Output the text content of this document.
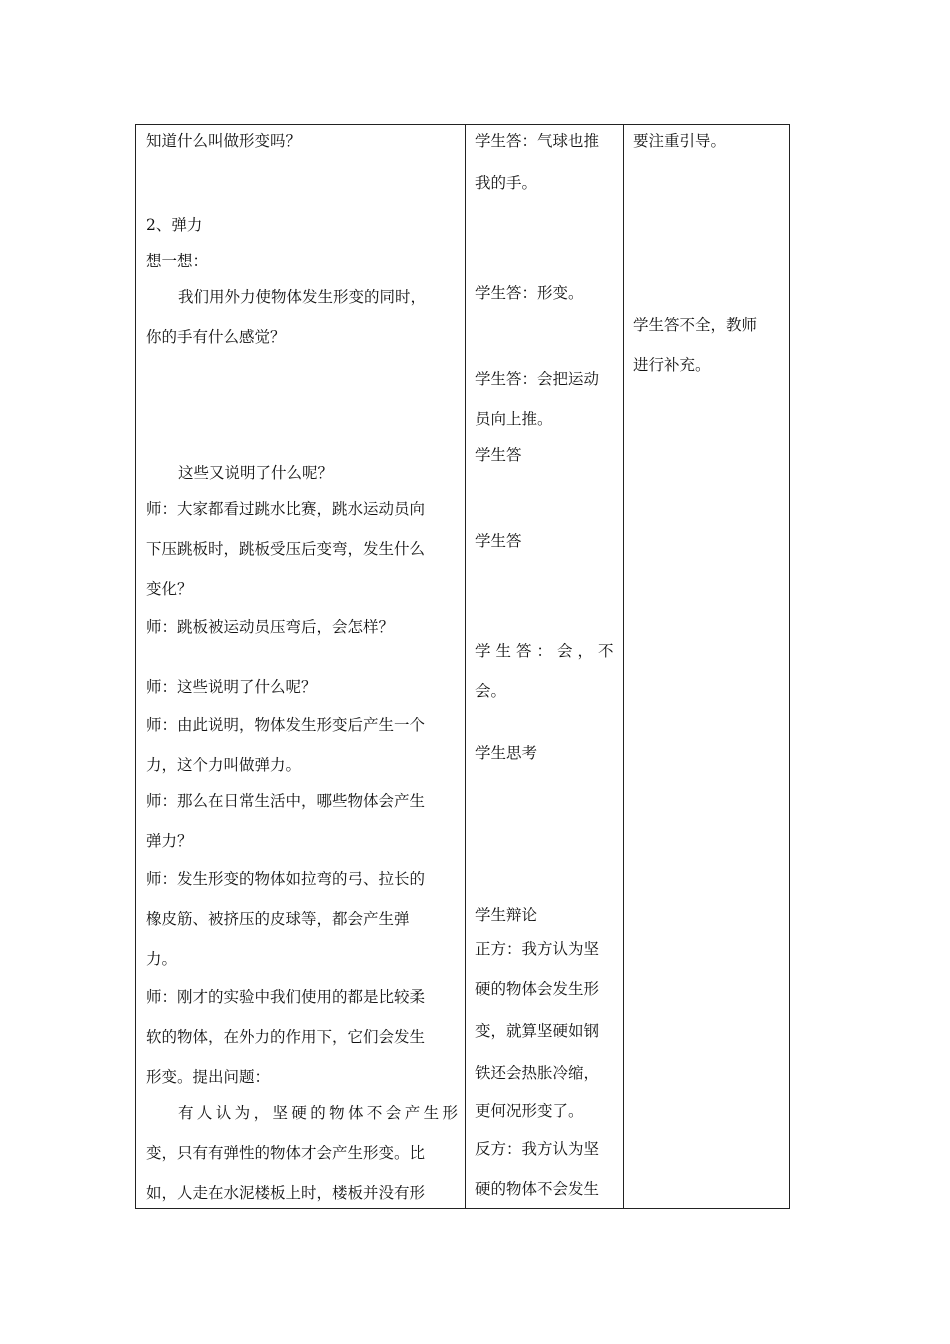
知道什么叫做形变吗？
2、弹力
想一想：
我们用外力使物体发生形变的同时，
你的手有什么感觉？
这些又说明了什么呢？
师：大家都看过跳水比赛，跳水运动员向
下压跳板时，跳板受压后变弯，发生什么
变化？
师：跳板被运动员压弯后，会怎样？
师：这些说明了什么呢？
师：由此说明，物体发生形变后产生一个
力，这个力叫做弹力。
师：那么在日常生活中，哪些物体会产生
弹力？
师：发生形变的物体如拉弯的弓、拉长的
橡皮筋、被挤压的皮球等，都会产生弹
力。
师：刚才的实验中我们使用的都是比较柔
软的物体，在外力的作用下，它们会发生
形变。提出问题：
有 人 认 为 ， 坚 硬 的 物 体 不 会 产 生 形
变，只有有弹性的物体才会产生形变。比
如，人走在水泥楼板上时，楼板并没有形
学生答：气球也推
我的手。
学生答：形变。
学生答：会把运动
员向上推。
学生答
学生答
学生答：会，不
会。
学生思考
学生辩论
正方：我方认为坚
硬的物体会发生形
变，就算坚硬如钢
铁还会热胀冷缩，
更何况形变了。
反方：我方认为坚
硬的物体不会发生
要注重引导。
学生答不全，教师
进行补充。
